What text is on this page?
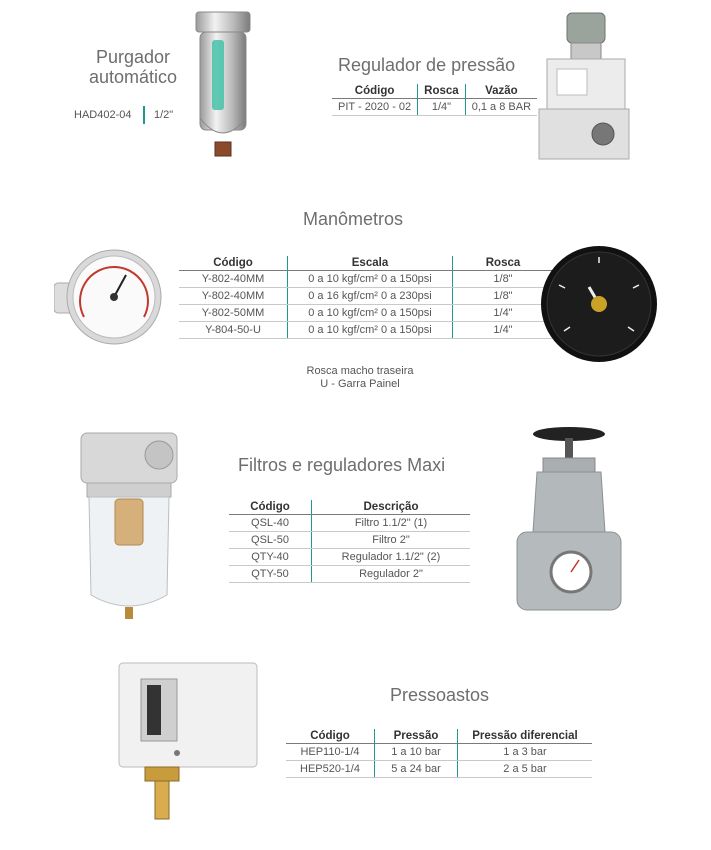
Purgador
automático
HAD402-04 1/2"
Regulador de pressão
Código	Rosca	Vazão
PIT - 2020 - 02	1/4"	0,1 a 8 BAR
Manômetros
Código	Escala	Rosca
Y-802-40MM	0 a 10 kgf/cm² 0 a 150psi	1/8"
Y-802-40MM	0 a 16 kgf/cm² 0 a 230psi	1/8"
Y-802-50MM	0 a 10 kgf/cm² 0 a 150psi	1/4"
Y-804-50-U	0 a 10 kgf/cm² 0 a 150psi	1/4"
Rosca macho traseira
U - Garra Painel
Filtros e reguladores Maxi
Código	Descrição
QSL-40	Filtro 1.1/2" (1)
QSL-50	Filtro 2"
QTY-40	Regulador 1.1/2" (2)
QTY-50	Regulador 2"
Pressoastos
Código	Pressão	Pressão diferencial
HEP110-1/4	1 a 10 bar	1 a 3 bar
HEP520-1/4	5 a 24 bar	2 a 5 bar
